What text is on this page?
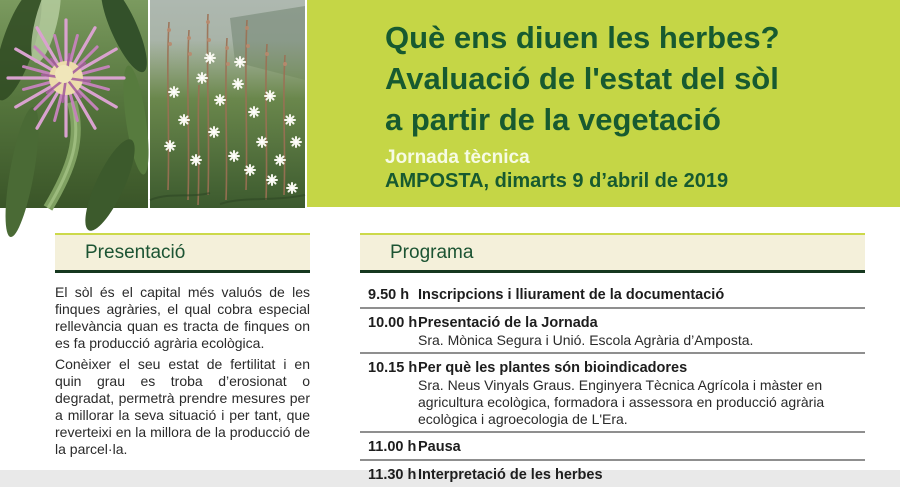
Què ens diuen les herbes?
Avaluació de l'estat del sòl
a partir de la vegetació
Jornada tècnica
AMPOSTA, dimarts 9 d’abril de 2019
Presentació

El sòl és el capital més valuós de les finques agràries, el qual cobra especial rellevància quan es tracta de finques on es fa producció agrària ecològica.

Conèixer el seu estat de fertilitat i en quin grau es troba d’erosionat o degradat, permetrà prendre mesures per a millorar la seva situació i per tant, que reverteixi en la millora de la producció de la parcel·la.

Programa
9.50 h Inscripcions i lliurament de la documentació
10.00 h Presentació de la Jornada
Sra. Mònica Segura i Unió. Escola Agrària d’Amposta.
10.15 h Per què les plantes són bioindicadores
Sra. Neus Vinyals Graus. Enginyera Tècnica Agrícola i màster en agricultura ecològica, formadora i assessora en producció agrària ecològica i agroecologia de L'Era.
11.00 h Pausa
11.30 h Interpretació de les herbes
